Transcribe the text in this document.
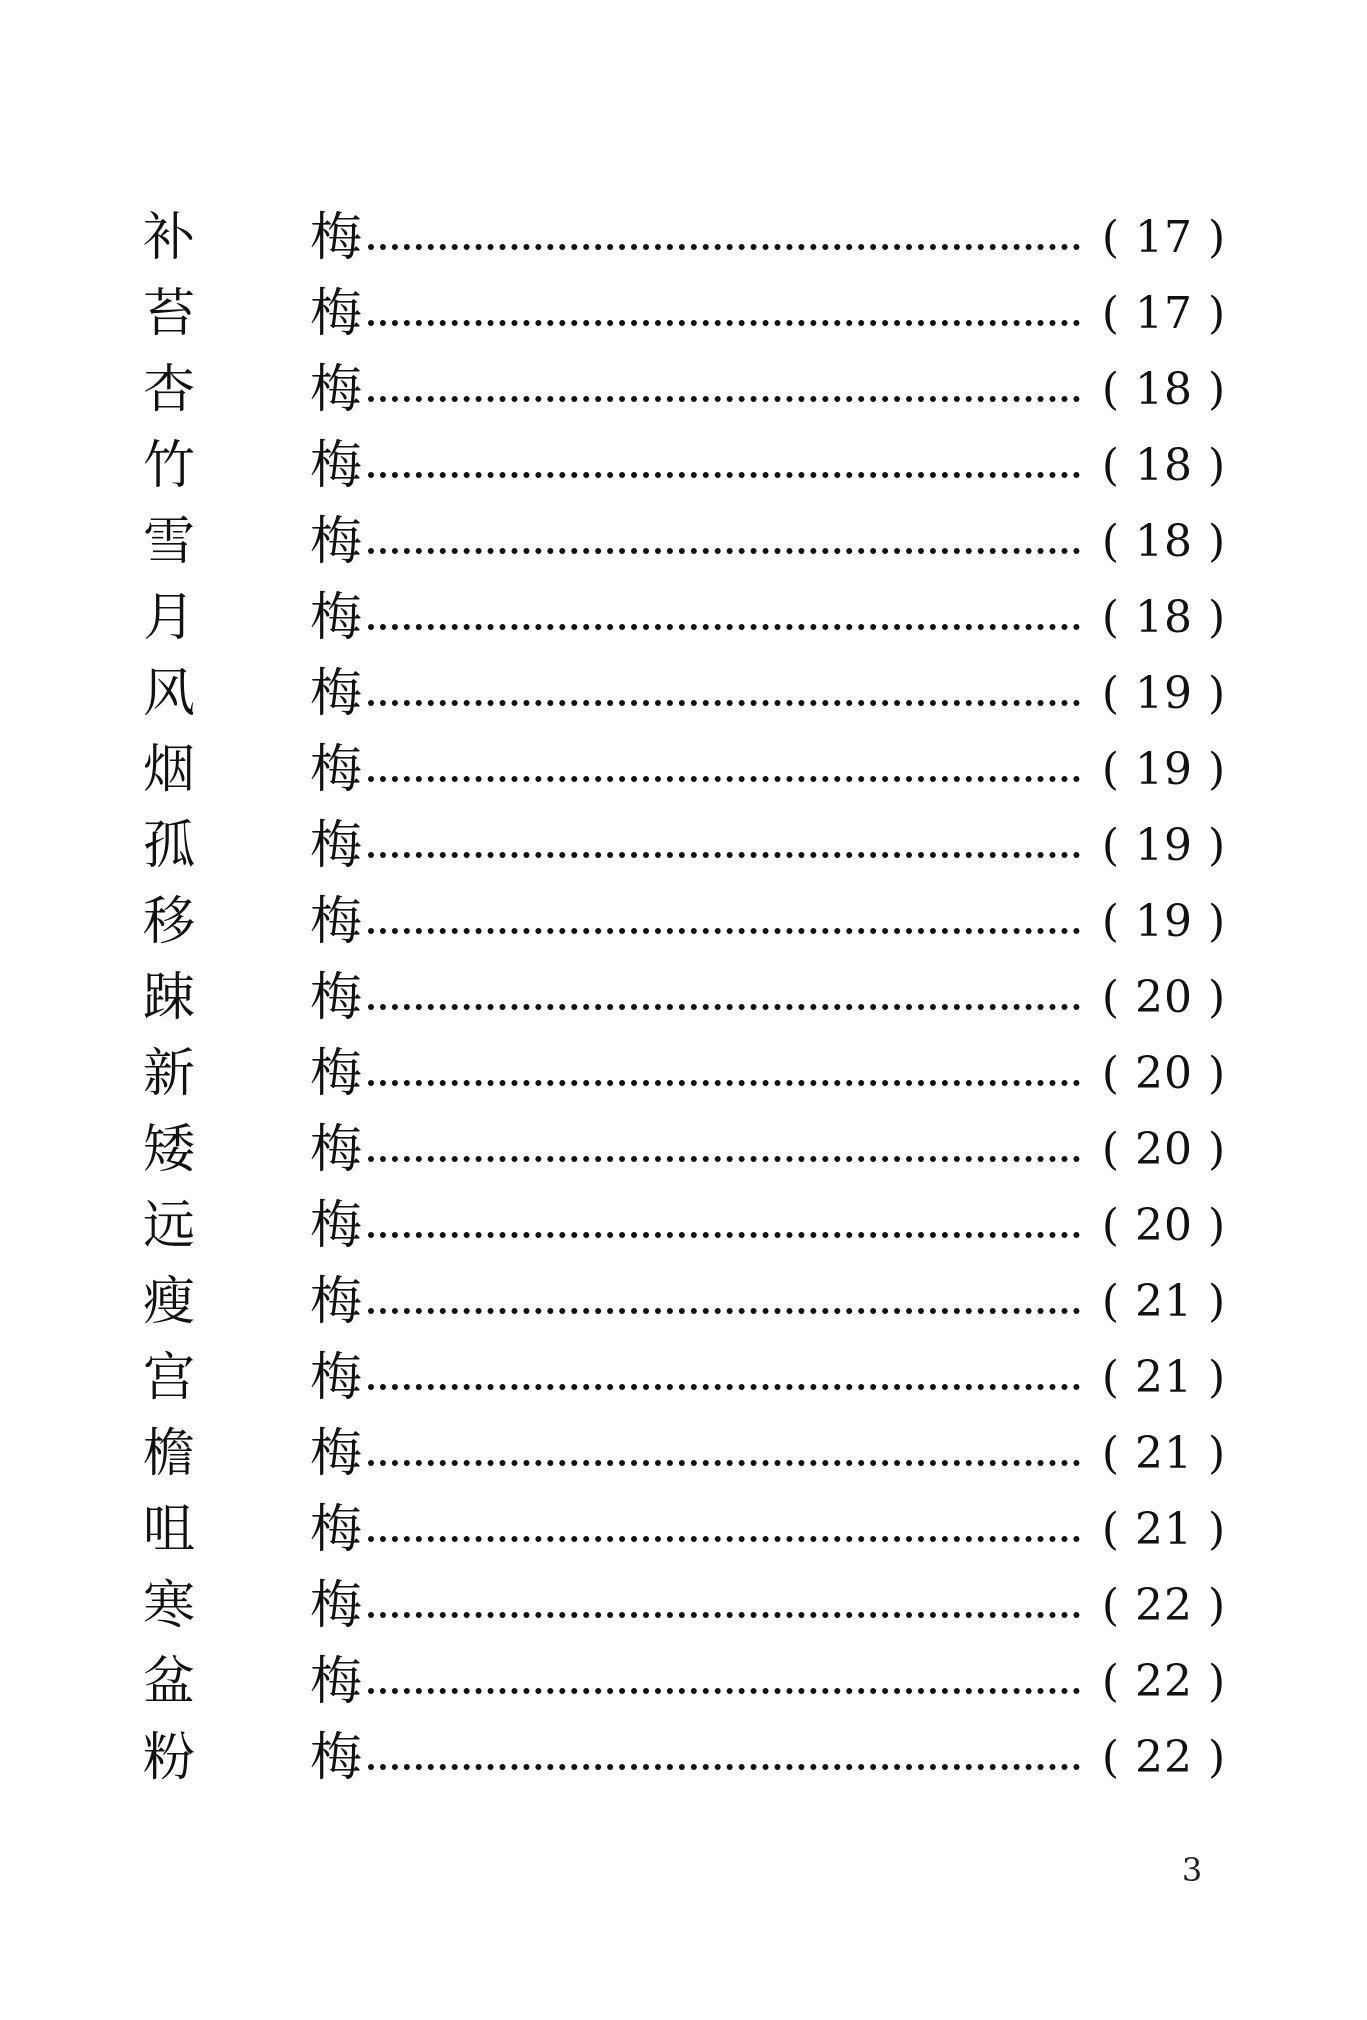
补 梅	( 17 )
苔 梅	( 17 )
杏 梅	( 18 )
竹 梅	( 18 )
雪 梅	( 18 )
月 梅	( 18 )
风 梅	( 19 )
烟 梅	( 19 )
孤 梅	( 19 )
移 梅	( 19 )
踈 梅	( 20 )
新 梅	( 20 )
矮 梅	( 20 )
远 梅	( 20 )
瘦 梅	( 21 )
宫 梅	( 21 )
檐 梅	( 21 )
咀 梅	( 21 )
寒 梅	( 22 )
盆 梅	( 22 )
粉 梅	( 22 )
3
